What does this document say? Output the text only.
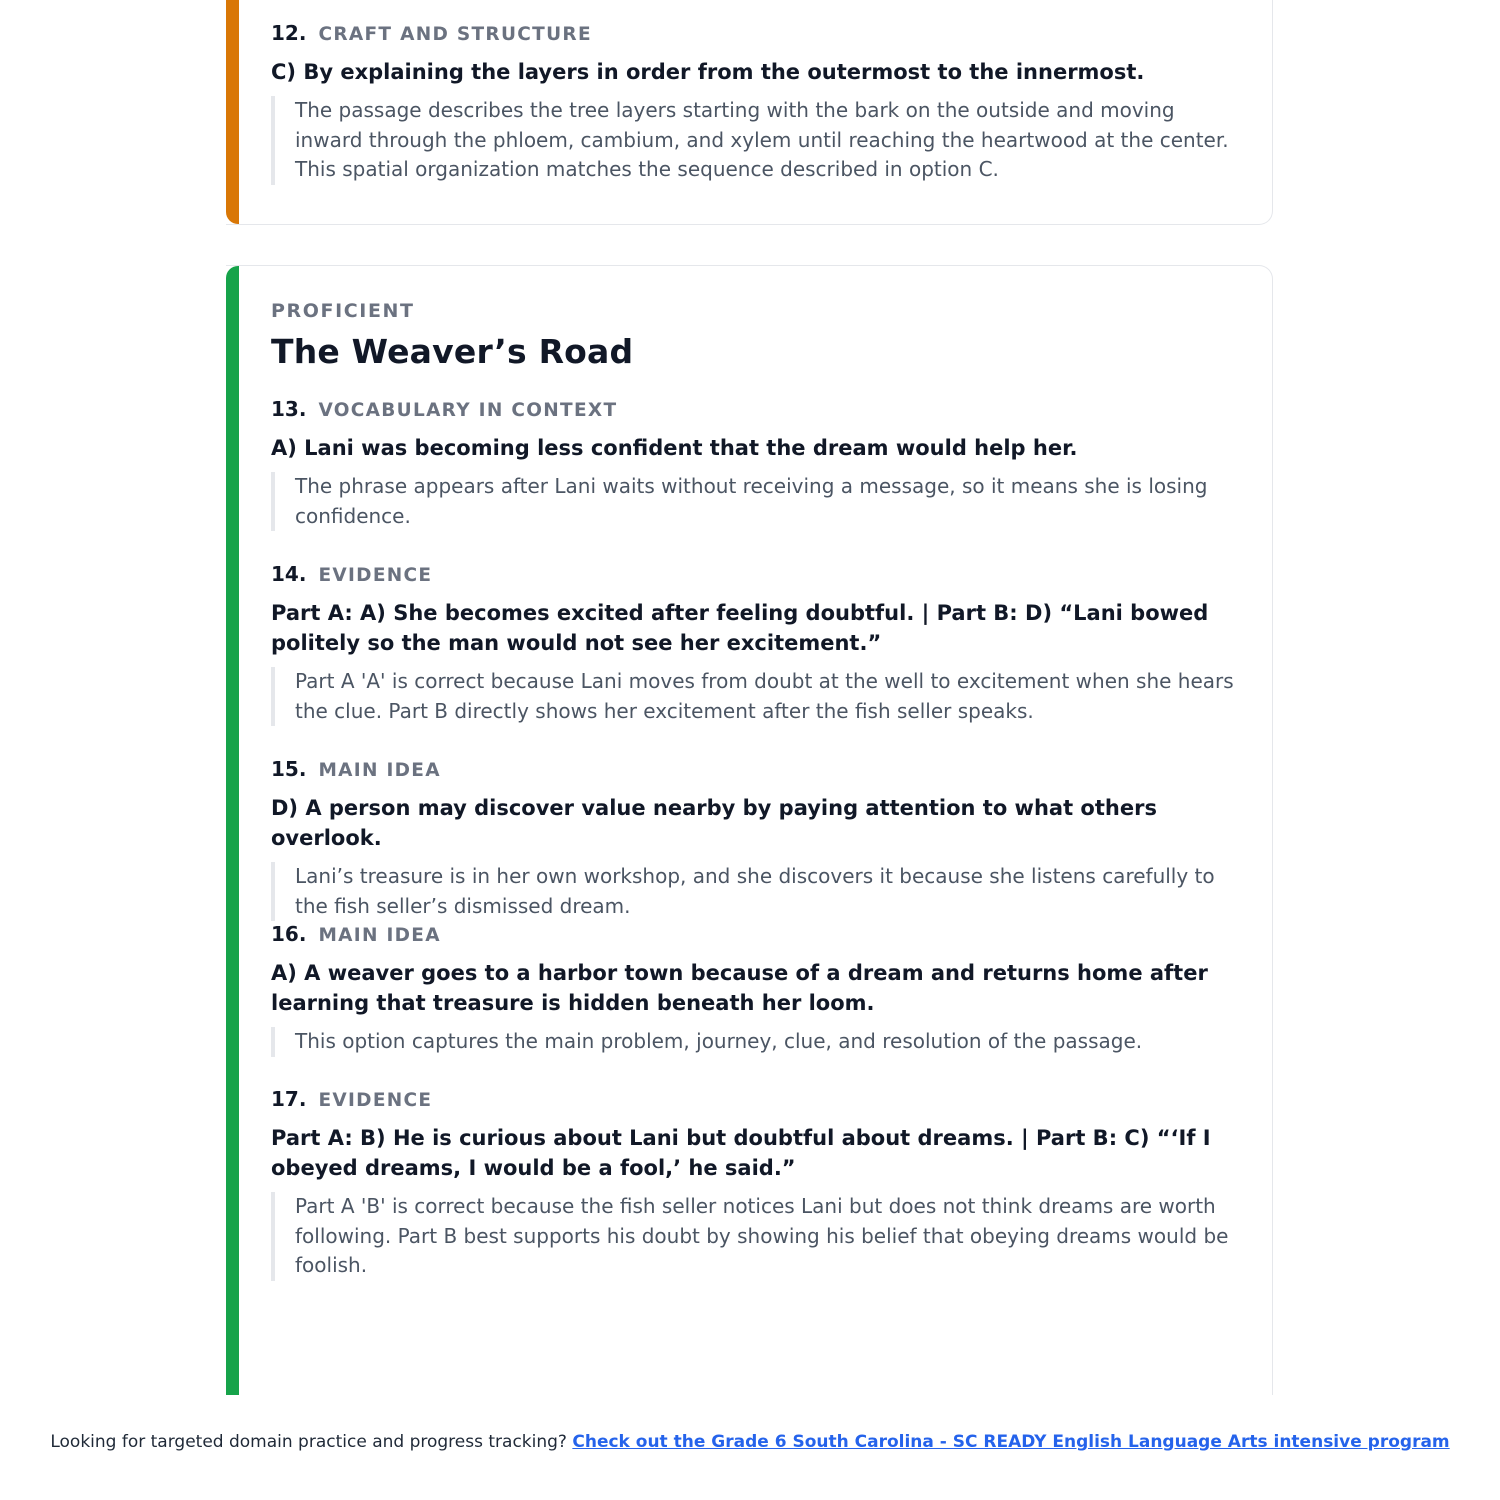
12. CRAFT AND STRUCTURE
C) By explaining the layers in order from the outermost to the innermost.
The passage describes the tree layers starting with the bark on the outside and moving inward through the phloem, cambium, and xylem until reaching the heartwood at the center. This spatial organization matches the sequence described in option C.
PROFICIENT
The Weaver’s Road
13. VOCABULARY IN CONTEXT
A) Lani was becoming less confident that the dream would help her.
The phrase appears after Lani waits without receiving a message, so it means she is losing confidence.
14. EVIDENCE
Part A: A) She becomes excited after feeling doubtful. | Part B: D) “Lani bowed politely so the man would not see her excitement.”
Part A 'A' is correct because Lani moves from doubt at the well to excitement when she hears the clue. Part B directly shows her excitement after the fish seller speaks.
15. MAIN IDEA
D) A person may discover value nearby by paying attention to what others overlook.
Lani’s treasure is in her own workshop, and she discovers it because she listens carefully to the fish seller’s dismissed dream.
16. MAIN IDEA
A) A weaver goes to a harbor town because of a dream and returns home after learning that treasure is hidden beneath her loom.
This option captures the main problem, journey, clue, and resolution of the passage.
17. EVIDENCE
Part A: B) He is curious about Lani but doubtful about dreams. | Part B: C) “‘If I obeyed dreams, I would be a fool,’ he said.”
Part A 'B' is correct because the fish seller notices Lani but does not think dreams are worth following. Part B best supports his doubt by showing his belief that obeying dreams would be foolish.
Looking for targeted domain practice and progress tracking? Check out the Grade 6 South Carolina - SC READY English Language Arts intensive program
